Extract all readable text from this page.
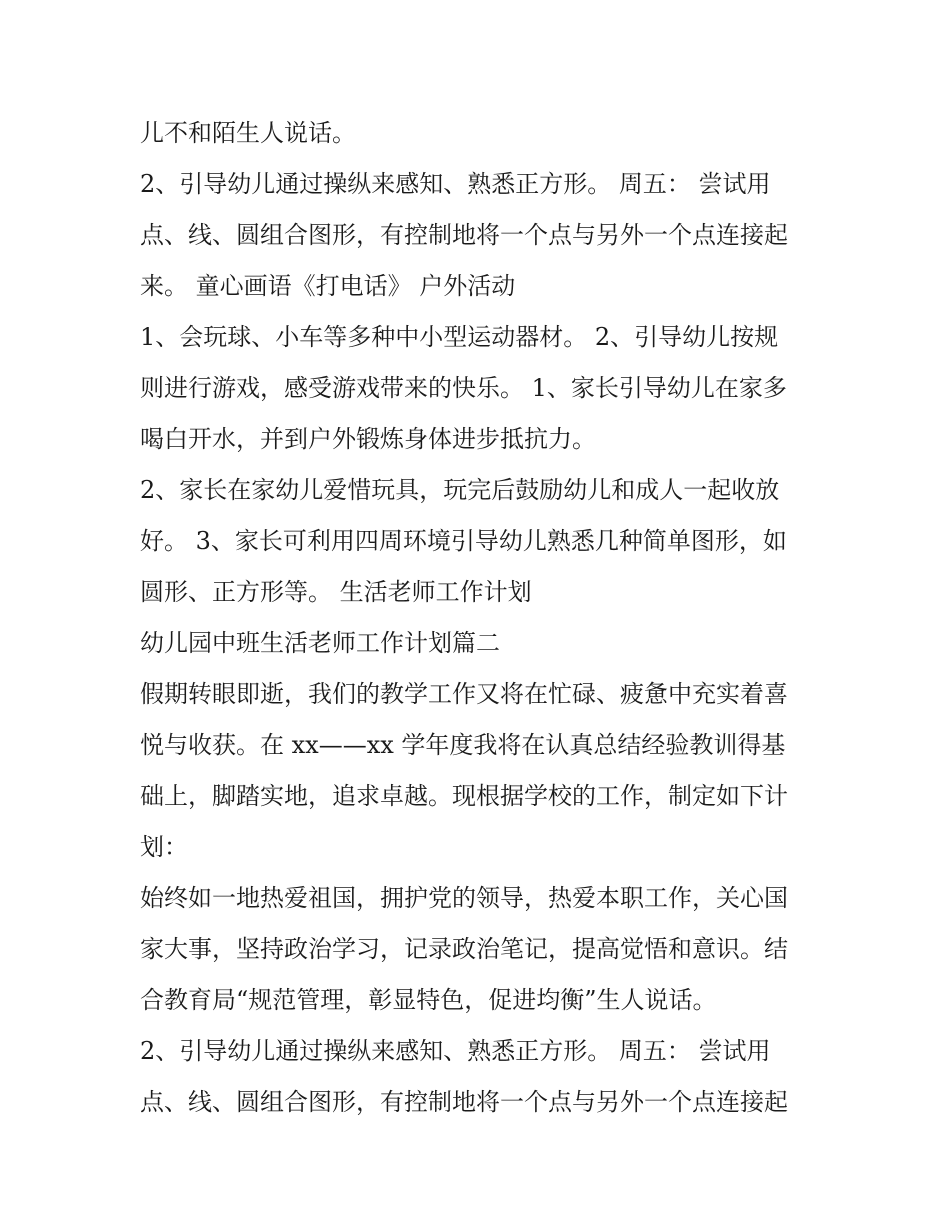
儿不和陌生人说话。
2、引导幼儿通过操纵来感知、熟悉正方形。 周五： 尝试用
点、线、圆组合图形，有控制地将一个点与另外一个点连接起
来。 童心画语《打电话》 户外活动
1、会玩球、小车等多种中小型运动器材。 2、引导幼儿按规
则进行游戏，感受游戏带来的快乐。 1、家长引导幼儿在家多
喝白开水，并到户外锻炼身体进步抵抗力。
2、家长在家幼儿爱惜玩具，玩完后鼓励幼儿和成人一起收放
好。 3、家长可利用四周环境引导幼儿熟悉几种简单图形，如
圆形、正方形等。 生活老师工作计划
幼儿园中班生活老师工作计划篇二
假期转眼即逝，我们的教学工作又将在忙碌、疲惫中充实着喜
悦与收获。在 xx——xx 学年度我将在认真总结经验教训得基
础上，脚踏实地，追求卓越。现根据学校的工作，制定如下计
划：
始终如一地热爱祖国，拥护党的领导，热爱本职工作，关心国
家大事，坚持政治学习，记录政治笔记，提高觉悟和意识。结
合教育局“规范管理，彰显特色，促进均衡”生人说话。
2、引导幼儿通过操纵来感知、熟悉正方形。 周五： 尝试用
点、线、圆组合图形，有控制地将一个点与另外一个点连接起
